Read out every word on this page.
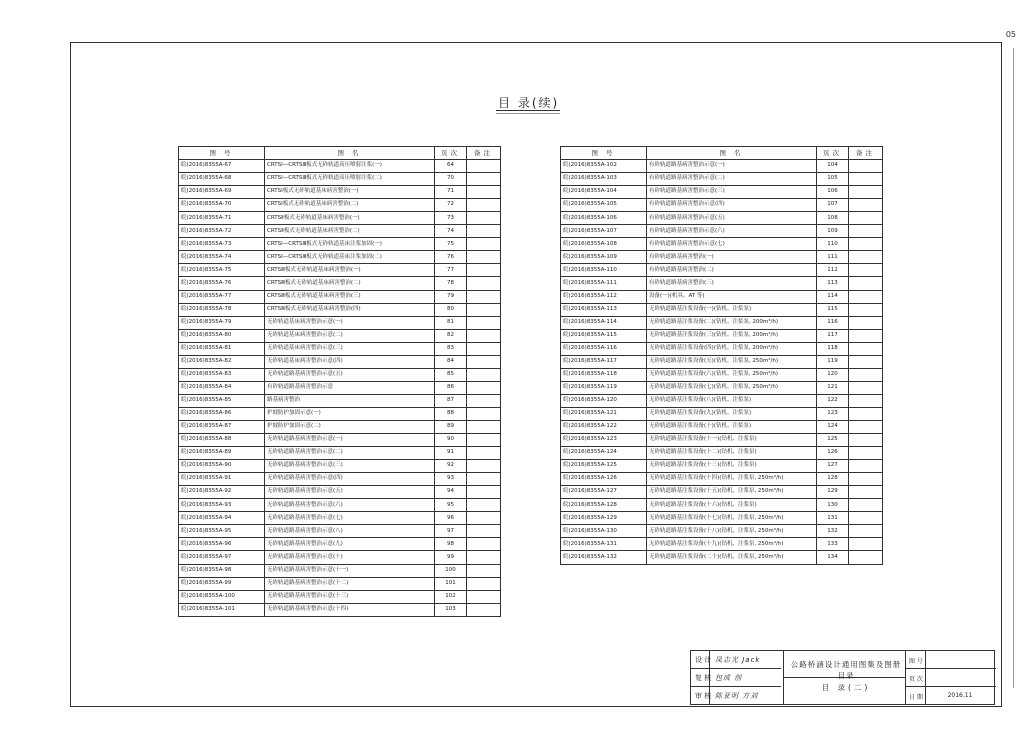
05
目 录(续)
图 号	图 名	页次	备注
皖(2016)8355A-67	CRTSⅠ—CRTSⅢ板式无砟轨道高压喷射注浆(一)	64	
皖(2016)8355A-68	CRTSⅠ—CRTSⅢ板式无砟轨道高压喷射注浆(二)	70	
皖(2016)8355A-69	CRTSⅠ板式无砟轨道基床病害整治(一)	71	
皖(2016)8355A-70	CRTSⅠ板式无砟轨道基床病害整治(二)	72	
皖(2016)8355A-71	CRTSⅡ板式无砟轨道基床病害整治(一)	73	
皖(2016)8355A-72	CRTSⅡ板式无砟轨道基床病害整治(二)	74	
皖(2016)8355A-73	CRTSⅠ—CRTSⅢ板式无砟轨道基床注浆加固(一)	75	
皖(2016)8355A-74	CRTSⅠ—CRTSⅢ板式无砟轨道基床注浆加固(二)	76	
皖(2016)8355A-75	CRTSⅢ板式无砟轨道基床病害整治(一)	77	
皖(2016)8355A-76	CRTSⅢ板式无砟轨道基床病害整治(二)	78	
皖(2016)8355A-77	CRTSⅢ板式无砟轨道基床病害整治(三)	79	
皖(2016)8355A-78	CRTSⅢ板式无砟轨道基床病害整治(四)	80	
皖(2016)8355A-79	无砟轨道基床病害整治示意(一)	81	
皖(2016)8355A-80	无砟轨道基床病害整治示意(二)	82	
皖(2016)8355A-81	无砟轨道基床病害整治示意(三)	83	
皖(2016)8355A-82	无砟轨道基床病害整治示意(四)	84	
皖(2016)8355A-83	无砟轨道路基病害整治示意(五)	85	
皖(2016)8355A-84	有砟轨道路基病害整治示意	86	
皖(2016)8355A-85	路基病害整治	87	
皖(2016)8355A-86	护坡防护加固示意(一)	88	
皖(2016)8355A-87	护坡防护加固示意(二)	89	
皖(2016)8355A-88	无砟轨道路基病害整治示意(一)	90	
皖(2016)8355A-89	无砟轨道路基病害整治示意(二)	91	
皖(2016)8355A-90	无砟轨道路基病害整治示意(三)	92	
皖(2016)8355A-91	无砟轨道路基病害整治示意(四)	93	
皖(2016)8355A-92	无砟轨道路基病害整治示意(五)	94	
皖(2016)8355A-93	无砟轨道路基病害整治示意(六)	95	
皖(2016)8355A-94	无砟轨道路基病害整治示意(七)	96	
皖(2016)8355A-95	无砟轨道路基病害整治示意(八)	97	
皖(2016)8355A-96	无砟轨道路基病害整治示意(九)	98	
皖(2016)8355A-97	无砟轨道路基病害整治示意(十)	99	
皖(2016)8355A-98	无砟轨道路基病害整治示意(十一)	100	
皖(2016)8355A-99	无砟轨道路基病害整治示意(十二)	101	
皖(2016)8355A-100	无砟轨道路基病害整治示意(十三)	102	
皖(2016)8355A-101	无砟轨道路基病害整治示意(十四)	103	
图 号	图 名	页次	备注
皖(2016)8355A-102	有砟轨道路基病害整治示意(一)	104	
皖(2016)8355A-103	有砟轨道路基病害整治示意(二)	105	
皖(2016)8355A-104	有砟轨道路基病害整治示意(三)	106	
皖(2016)8355A-105	有砟轨道路基病害整治示意(四)	107	
皖(2016)8355A-106	有砟轨道路基病害整治示意(五)	108	
皖(2016)8355A-107	有砟轨道路基病害整治示意(六)	109	
皖(2016)8355A-108	有砟轨道路基病害整治示意(七)	110	
皖(2016)8355A-109	有砟轨道路基病害整治(一)	111	
皖(2016)8355A-110	有砟轨道路基病害整治(二)	112	
皖(2016)8355A-111	有砟轨道路基病害整治(三)	113	
皖(2016)8355A-112	设备(一)(机具、AT 等)	114	
皖(2016)8355A-113	无砟轨道路基注浆设备(一)(钻机、注浆泵)	115	
皖(2016)8355A-114	无砟轨道路基注浆设备(二)(钻机、注浆泵, 200m³/h)	116	
皖(2016)8355A-115	无砟轨道路基注浆设备(三)(钻机、注浆泵, 200m³/h)	117	
皖(2016)8355A-116	无砟轨道路基注浆设备(四)(钻机、注浆泵, 200m³/h)	118	
皖(2016)8355A-117	无砟轨道路基注浆设备(五)(钻机、注浆泵, 250m³/h)	119	
皖(2016)8355A-118	无砟轨道路基注浆设备(六)(钻机、注浆泵, 250m³/h)	120	
皖(2016)8355A-119	无砟轨道路基注浆设备(七)(钻机、注浆泵, 250m³/h)	121	
皖(2016)8355A-120	无砟轨道路基注浆设备(八)(钻机、注浆泵)	122	
皖(2016)8355A-121	无砟轨道路基注浆设备(九)(钻机、注浆泵)	123	
皖(2016)8355A-122	无砟轨道路基注浆设备(十)(钻机、注浆泵)	124	
皖(2016)8355A-123	无砟轨道路基注浆设备(十一)(钻机、注浆泵)	125	
皖(2016)8355A-124	无砟轨道路基注浆设备(十二)(钻机、注浆泵)	126	
皖(2016)8355A-125	无砟轨道路基注浆设备(十三)(钻机、注浆泵)	127	
皖(2016)8355A-126	无砟轨道路基注浆设备(十四)(钻机、注浆泵, 250m³/h)	128	
皖(2016)8355A-127	无砟轨道路基注浆设备(十五)(钻机、注浆泵, 250m³/h)	129	
皖(2016)8355A-128	无砟轨道路基注浆设备(十六)(钻机、注浆泵)	130	
皖(2016)8355A-129	无砟轨道路基注浆设备(十七)(钻机、注浆泵, 250m³/h)	131	
皖(2016)8355A-130	无砟轨道路基注浆设备(十八)(钻机、注浆泵, 250m³/h)	132	
皖(2016)8355A-131	无砟轨道路基注浆设备(十九)(钻机、注浆泵, 250m³/h)	133	
皖(2016)8355A-132	无砟轨道路基注浆设备(二十)(钻机、注浆泵, 250m³/h)	134	
设 计 凤志光 Jack
复 核 包成 创
审 核 陈亚明 方刘
公路桥涵设计通用图集及图册目录
目 录(二)
图 号
页 次
日 期	2016.11
